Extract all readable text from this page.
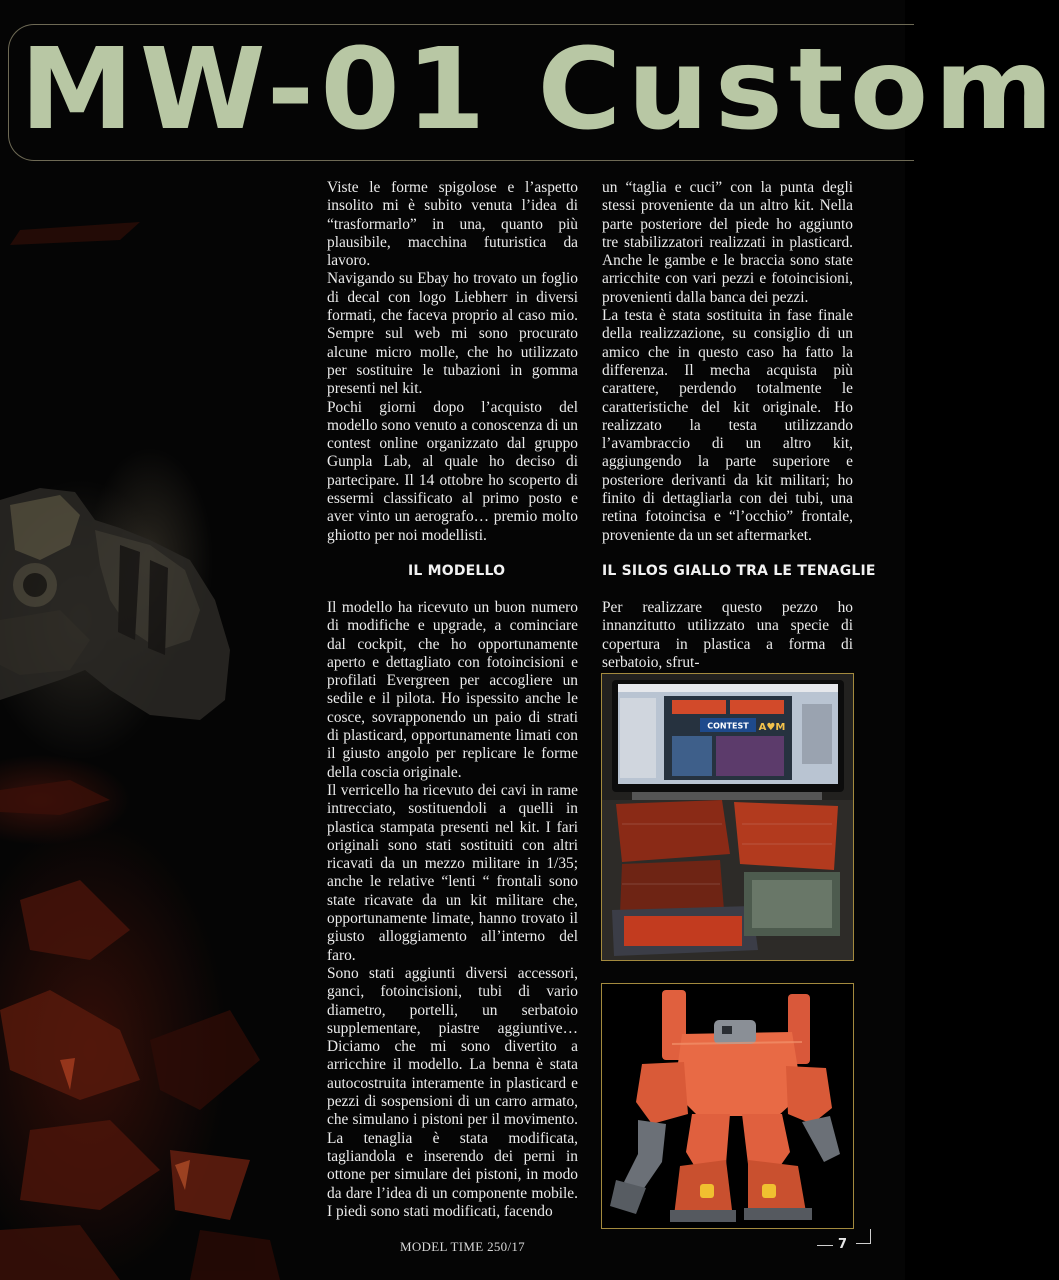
MW-01 Custom

Viste le forme spigolose e l’aspetto insolito mi è subito venuta l’idea di “trasformarlo” in una, quanto più plausibile, macchina futuristica da lavoro.

Navigando su Ebay ho trovato un foglio di decal con logo Liebherr in diversi formati, che faceva proprio al caso mio. Sempre sul web mi sono procurato alcune micro molle, che ho utilizzato per sostituire le tubazioni in gomma presenti nel kit.

Pochi giorni dopo l’acquisto del modello sono venuto a conoscenza di un contest online organizzato dal gruppo Gunpla Lab, al quale ho deciso di partecipare. Il 14 ottobre ho scoperto di essermi classificato al primo posto e aver vinto un aerografo… premio molto ghiotto per noi modellisti.

IL MODELLO

Il modello ha ricevuto un buon numero di modifiche e upgrade, a cominciare dal cockpit, che ho opportunamente aperto e dettagliato con fotoincisioni e profilati Evergreen per accogliere un sedile e il pilota. Ho ispessito anche le cosce, sovrapponendo un paio di strati di plasticard, opportunamente limati con il giusto angolo per replicare le forme della coscia originale.

Il verricello ha ricevuto dei cavi in rame intrecciato, sostituendoli a quelli in plastica stampata presenti nel kit. I fari originali sono stati sostituiti con altri ricavati da un mezzo militare in 1/35; anche le relative “lenti “ frontali sono state ricavate da un kit militare che, opportunamente limate, hanno trovato il giusto alloggiamento all’interno del faro.

Sono stati aggiunti diversi accessori, ganci, fotoincisioni, tubi di vario diametro, portelli, un serbatoio supplementare, piastre aggiuntive… Diciamo che mi sono divertito a arricchire il modello. La benna è stata autocostruita interamente in plasticard e pezzi di sospensioni di un carro armato, che simulano i pistoni per il movimento. La tenaglia è stata modificata, tagliandola e inserendo dei perni in ottone per simulare dei pistoni, in modo da dare l’idea di un componente mobile. I piedi sono stati modificati, facendo

un “taglia e cuci” con la punta degli stessi proveniente da un altro kit. Nella parte posteriore del piede ho aggiunto tre stabilizzatori realizzati in plasticard. Anche le gambe e le braccia sono state arricchite con vari pezzi e fotoincisioni, provenienti dalla banca dei pezzi.

La testa è stata sostituita in fase finale della realizzazione, su consiglio di un amico che in questo caso ha fatto la differenza. Il mecha acquista più carattere, perdendo totalmente le caratteristiche del kit originale. Ho realizzato la testa utilizzando l’avambraccio di un altro kit, aggiungendo la parte superiore e posteriore derivanti da kit militari; ho finito di dettagliarla con dei tubi, una retina fotoincisa e “l’occhio” frontale, proveniente da un set aftermarket.

IL SILOS GIALLO TRA LE TENAGLIE

Per realizzare questo pezzo ho innanzitutto utilizzato una specie di copertura in plastica a forma di serbatoio, sfrut-

CONTEST A♥M
MODEL TIME 250/17	7
